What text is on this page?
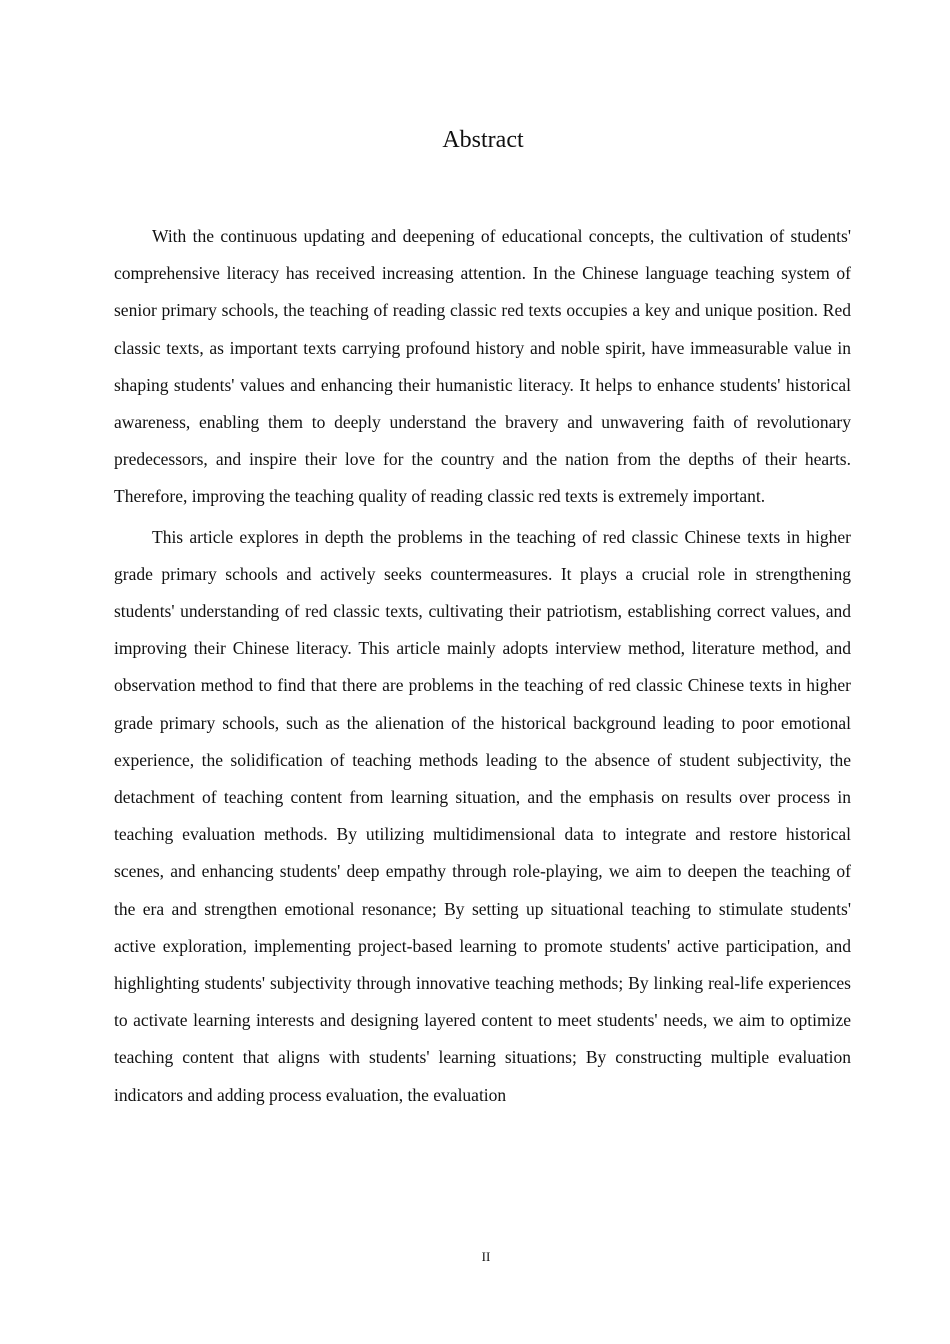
Abstract

With the continuous updating and deepening of educational concepts, the cultivation of students' comprehensive literacy has received increasing attention. In the Chinese language teaching system of senior primary schools, the teaching of reading classic red texts occupies a key and unique position. Red classic texts, as important texts carrying profound history and noble spirit, have immeasurable value in shaping students' values and enhancing their humanistic literacy. It helps to enhance students' historical awareness, enabling them to deeply understand the bravery and unwavering faith of revolutionary predecessors, and inspire their love for the country and the nation from the depths of their hearts. Therefore, improving the teaching quality of reading classic red texts is extremely important.

This article explores in depth the problems in the teaching of red classic Chinese texts in higher grade primary schools and actively seeks countermeasures. It plays a crucial role in strengthening students' understanding of red classic texts, cultivating their patriotism, establishing correct values, and improving their Chinese literacy. This article mainly adopts interview method, literature method, and observation method to find that there are problems in the teaching of red classic Chinese texts in higher grade primary schools, such as the alienation of the historical background leading to poor emotional experience, the solidification of teaching methods leading to the absence of student subjectivity, the detachment of teaching content from learning situation, and the emphasis on results over process in teaching evaluation methods. By utilizing multidimensional data to integrate and restore historical scenes, and enhancing students' deep empathy through role-playing, we aim to deepen the teaching of the era and strengthen emotional resonance; By setting up situational teaching to stimulate students' active exploration, implementing project-based learning to promote students' active participation, and highlighting students' subjectivity through innovative teaching methods; By linking real-life experiences to activate learning interests and designing layered content to meet students' needs, we aim to optimize teaching content that aligns with students' learning situations; By constructing multiple evaluation indicators and adding process evaluation, the evaluation

II
